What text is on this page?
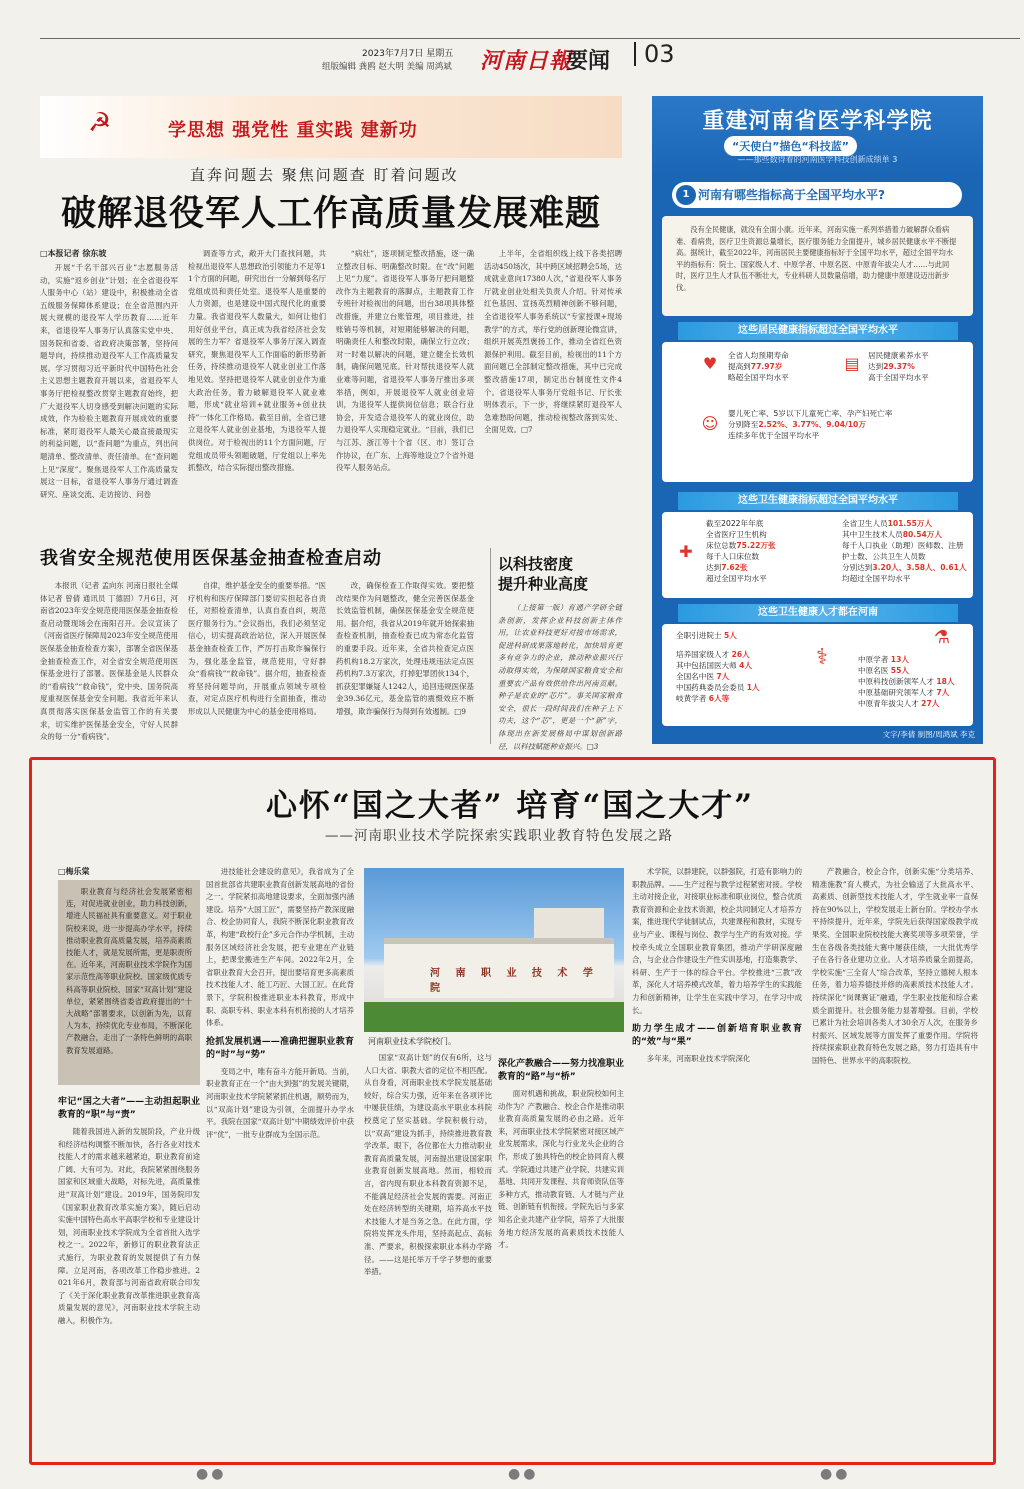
2023年7月7日 星期五
组版编辑 龚鸥 赵大明 美编 周鸿斌 河南日報
要闻	03
☭	学思想 强党性 重实践 建新功
直奔问题去 聚焦问题查 盯着问题改
破解退役军人工作高质量发展难题
□本报记者 徐东坡

开展“千名干部兴百业”志愿服务活动，实施“返乡创业”计划；在全省退役军人服务中心（站）建设中，积极推动全省五级服务保障体系建设；在全省范围内开展大规模的退役军人学历教育……近年来，省退役军人事务厅认真落实党中央、国务院和省委、省政府决策部署，坚持问题导向，持续推动退役军人工作高质量发展。学习贯彻习近平新时代中国特色社会主义思想主题教育开展以来，省退役军人事务厅把检视整改贯穿主题教育始终，把广大退役军人切身感受到解决问题的实际成效，作为检验主题教育开展成效的重要标准，紧盯退役军人最关心最直接最现实的利益问题，以“查问题”为重点，列出问题清单、整改清单、责任清单。在“查问题上见“深度”。聚焦退役军人工作高质量发展这一目标，省退役军人事务厅通过调查研究、座谈交流、走访接访、问卷

调查等方式，敞开大门查找问题，共检视出退役军人思想政治引领能力不足等11个方面的问题，研究出台一分解到每名厅党组成员和责任处室。退役军人是重要的人力资源，也是建设中国式现代化的重要力量。我省退役军人数量大，如何让他们用好创业平台，真正成为我省经济社会发展的生力军？省退役军人事务厅深入调查研究，聚焦退役军人工作面临的新形势新任务，持续推动退役军人就业创业工作落地见效。坚持把退役军人就业创业作为重大政治任务，着力破解退役军人就业难题，形成“就业培训+就业服务+创业扶持”一体化工作格局。截至目前，全省已建立退役军人就业创业基地，为退役军人提供岗位。对于检视出的11个方面问题，厅党组成员带头领题破题，厅党组以上率先抓整改，结合实际提出整改措施。

“病灶”，逐项制定整改措施，逐一确立整改目标、明确整改时限。在“改”问题上见“力度”。省退役军人事务厅把问题整改作为主题教育的落脚点，主题教育工作专班针对检视出的问题，出台38项具体整改措施，并建立台账管理，项目推进，挂账销号等机制，对短期能够解决的问题，明确责任人和整改时限，确保立行立改；对一时难以解决的问题，建立健全长效机制，确保问题见底。针对帮扶退役军人就业难等问题，省退役军人事务厅推出多项举措，例如，开展退役军人就业创业培训，为退役军人提供岗位信息；联合行业协会，开发适合退役军人的就业岗位，助力退役军人实现稳定就业。“目前，我们已与江苏、浙江等十个省（区、市）签订合作协议，在广东、上海等地设立7个省外退役军人服务站点。

上半年，全省组织线上线下各类招聘活动450场次，其中跨区域招聘会5场，达成就业意向17380人次，”省退役军人事务厅就业创业处相关负责人介绍。针对传承红色基因、宣扬英烈精神创新不够问题，全省退役军人事务系统以“专家授课+现场教学”的方式，举行党的创新理论微宣讲，组织开展英烈褒扬工作，推动全省红色资源保护利用。截至目前，检视出的11个方面问题已全部制定整改措施，其中已完成整改措施17项，制定出台制度性文件4个。省退役军人事务厅党组书记、厅长张明体表示，下一步，将继续紧盯退役军人急难愁盼问题，推动检视整改落到实处、全面见效。□7

我省安全规范使用医保基金抽查检查启动

本报讯（记者 孟向东 河南日报社全媒体记者 曾倩 通讯员 丁德固）7月6日，河南省2023年安全规范使用医保基金抽查检查启动暨现场会在南阳召开。会议宣读了《河南省医疗保障局2023年安全规范使用医保基金抽查检查方案》，部署全省医保基金抽查检查工作，对全省安全规范使用医保基金进行了部署。医保基金是人民群众的“看病钱”“救命钱”，党中央、国务院高度重视医保基金安全问题。我省近年来认真贯彻落实医保基金监管工作的有关要求，切实维护医保基金安全，守好人民群众的每一分“看病钱”。

自律，维护基金安全的重要举措。“医疗机构和医疗保障部门要切实担起各自责任，对照检查清单，认真自查自纠，规范医疗服务行为。”会议指出，我们必须坚定信心，切实提高政治站位，深入开展医保基金抽查检查工作，严厉打击欺诈骗保行为，强化基金监管，规范使用，守好群众“看病钱”“救命钱”。据介绍，抽查检查将坚持问题导向，开展重点领域专项检查，对定点医疗机构进行全面抽查，推动形成以人民健康为中心的基金使用格局。

改，确保检查工作取得实效。要把整改结果作为问题整改，健全完善医保基金长效监管机制，确保医保基金安全规范使用。据介绍，我省从2019年就开始探索抽查检查机制，抽查检查已成为常态化监管的重要手段。近年来，全省共检查定点医药机构18.2万家次，处理违规违法定点医药机构7.3万家次，打掉犯罪团伙134个，抓获犯罪嫌疑人1242人，追回违规医保基金39.36亿元，基金监管的震慑效应不断增强，欺诈骗保行为得到有效遏制。□9

以科技密度
提升种业高度

（上接第一版）育通产学研全链条创新，发挥企业科技创新主体作用，让农业科技更好对接市场需求，促进科研成果落地转化，加快培育更多有竞争力的企业，推动种业振兴行动取得实效，为保障国家粮食安全和重要农产品有效供给作出河南贡献。种子是农业的“芯片”。事关国家粮食安全，很长一段时间我们在种子上下功夫，这个“芯”，更是一个“新”字，体现出在新发展格局中谋划创新路径，以科技赋能种业振兴。□3

重建河南省医学科学院
“天使白”描色“科技蓝”
——那些数得着的河南医学科技创新成绩单 3
1 河南有哪些指标高于全国平均水平?

没有全民健康，就没有全面小康。近年来，河南实施一系列举措着力破解群众看病难、看病贵，医疗卫生资源总量增长，医疗服务能力全面提升，城乡居民健康水平不断提高。据统计，截至2022年，河南居民主要健康指标好于全国平均水平，超过全国平均水平的指标有：院士、国家级人才、中原学者、中原名医、中原青年拔尖人才……与此同时，医疗卫生人才队伍不断壮大，专业科研人员数量倍增，助力健康中原建设迈出新步伐。

这些居民健康指标超过全国平均水平
♥	全省人均预期寿命
提高到77.97岁
略超全国平均水平
▤	居民健康素养水平
达到29.37%
高于全国平均水平
☺
婴儿死亡率、5岁以下儿童死亡率、孕产妇死亡率
分别降至2.52%、3.77%、9.04/10万
连续多年优于全国平均水平
这些卫生健康指标超过全国平均水平
截至2022年年底
全省医疗卫生机构
床位总数75.22万张
每千人口床位数
达到7.62张
超过全国平均水平
✚
全省卫生人员101.55万人
其中卫生技术人员80.54万人
每千人口执业（助理）医师数、注册护士数、公共卫生人员数
分别达到3.20人、3.58人、0.61人
均超过全国平均水平
这些卫生健康人才都在河南
全职引进院士 5人
培养国家级人才 26人
其中包括国医大师 4人
全国名中医 7人
中国药典委员会委员 1人
岐黄学者 6人等
⚕	中原学者 13人
中原名医 55人
中原科技创新领军人才 18人
中原基础研究领军人才 7人
中原青年拔尖人才 27人
⚗
文字/李倩 制图/周鸿斌 李克
心怀“国之大者” 培育“国之大才”
——河南职业技术学院探索实践职业教育特色发展之路
□梅乐棠

职业教育与经济社会发展紧密相连，对促进就业创业，助力科技创新，增进人民福祉具有重要意义。对于职业院校来说，进一步提高办学水平，持续推动职业教育高质量发展，培养高素质技能人才，就是发展所需，更是职责所在。近年来，河南职业技术学院作为国家示范性高等职业院校、国家级优质专科高等职业院校、国家“双高计划”建设单位，紧紧围绕省委省政府提出的“十大战略”部署要求，以创新为先，以育人为本，持续优化专业布局，不断深化产教融合，走出了一条特色鲜明的高职教育发展道路。

牢记“国之大者”——主动担起职业教育的“职”与“责”

随着我国进入新的发展阶段，产业升级和经济结构调整不断加快，各行各业对技术技能人才的需求越来越紧迫，职业教育前途广阔、大有可为。对此，我院紧紧围绕服务国家和区域重大战略，对标先进，高质量推进“双高计划”建设。2019年，国务院印发《国家职业教育改革实施方案》，随后启动实施中国特色高水平高职学校和专业建设计划，河南职业技术学院成为全省首批入选学校之一。2022年，新修订的职业教育法正式施行，为职业教育的发展提供了有力保障。立足河南，各项改革工作稳步推进。2021年6月，教育部与河南省政府联合印发了《关于深化职业教育改革推进职业教育高质量发展的意见》，河南职业技术学院主动融入，积极作为。

进技能社会建设的意见》，我省成为了全国首批部省共建职业教育创新发展高地的省份之一。学院紧扣高地建设要求，全面加强内涵建设。培养“大国工匠”，需要坚持产教深度融合、校企协同育人，我院不断深化职业教育改革，构建“政校行企”多元合作办学机制，主动服务区域经济社会发展，把专业建在产业链上，把课堂搬进生产车间。2022年2月，全省职业教育大会召开，提出要培育更多高素质技术技能人才、能工巧匠、大国工匠。在此背景下，学院积极推进职业本科教育，形成中职、高职专科、职业本科有机衔接的人才培养体系。

抢抓发展机遇——准确把握职业教育的“时”与“势”

变局之中，唯有奋斗方能开新局。当前，职业教育正在一个“由大到强”的发展关键期，河南职业技术学院紧紧抓住机遇，顺势而为，以“双高计划”建设为引领，全面提升办学水平。我院在国家“双高计划”中期绩效评价中获评“优”，一批专业群成为全国示范。

河 南 职 业 技 术 学 院
河南职业技术学院校门。

国家“双高计划”的仅有6所，这与人口大省、职教大省的定位不相匹配。从自身看，河南职业技术学院发展基础较好，综合实力强，近年来在各项评比中屡获佳绩，为建设高水平职业本科院校奠定了坚实基础。学院积极行动，以“双高”建设为抓手，持续推进教育教学改革。眼下，各位都在大力推动职业教育高质量发展，河南提出建设国家职业教育创新发展高地。然而，相较而言，省内现有职业本科教育资源不足，不能满足经济社会发展的需要。河南正处在经济转型的关键期，培养高水平技术技能人才是当务之急。在此方面，学院将发挥龙头作用，坚持高起点、高标准、严要求，积极探索职业本科办学路径。——这是托举万千学子梦想的重要举措。

深化产教融合——努力找准职业教育的“路”与“桥”

面对机遇和挑战，职业院校如何主动作为？产教融合、校企合作是推动职业教育高质量发展的必由之路。近年来，河南职业技术学院紧密对接区域产业发展需求，深化与行业龙头企业的合作，形成了独具特色的校企协同育人模式。学院通过共建产业学院、共建实训基地、共同开发课程、共育师资队伍等多种方式，推动教育链、人才链与产业链、创新链有机衔接。学院先后与多家知名企业共建产业学院，培养了大批服务地方经济发展的高素质技术技能人才。

术学院，以群建院，以群强院，打造有影响力的职教品牌。——生产过程与教学过程紧密对接。学校主动对接企业，对接职业标准和职业岗位，整合优质教育资源和企业技术资源，校企共同制定人才培养方案，推进现代学徒制试点，共建课程和教材，实现专业与产业、课程与岗位、教学与生产的有效对接。学校牵头成立全国职业教育集团，推动产学研深度融合，与企业合作建设生产性实训基地，打造集教学、科研、生产于一体的综合平台。学校推进“三教”改革，深化人才培养模式改革，着力培养学生的实践能力和创新精神，让学生在实践中学习，在学习中成长。

助力学生成才——创新培育职业教育的“效”与“果”

多年来，河南职业技术学院深化

产教融合，校企合作，创新实施“分类培养、精准施教”育人模式，为社会输送了大批高水平、高素质、创新型技术技能人才，学生就业率一直保持在90%以上，学校发展走上新台阶。学校办学水平持续提升，近年来，学院先后获得国家级教学成果奖、全国职业院校技能大赛奖项等多项荣誉，学生在各级各类技能大赛中屡获佳绩，一大批优秀学子在各行各业建功立业。人才培养质量全面提高，学校实施“三全育人”综合改革，坚持立德树人根本任务，着力培养德技并修的高素质技术技能人才。持续深化“岗课赛证”融通，学生职业技能和综合素质全面提升。社会服务能力显著增强。目前，学校已累计为社会培训各类人才30余万人次，在服务乡村振兴、区域发展等方面发挥了重要作用。学院将持续探索职业教育特色发展之路，努力打造具有中国特色、世界水平的高职院校。

●●	●●	●●
